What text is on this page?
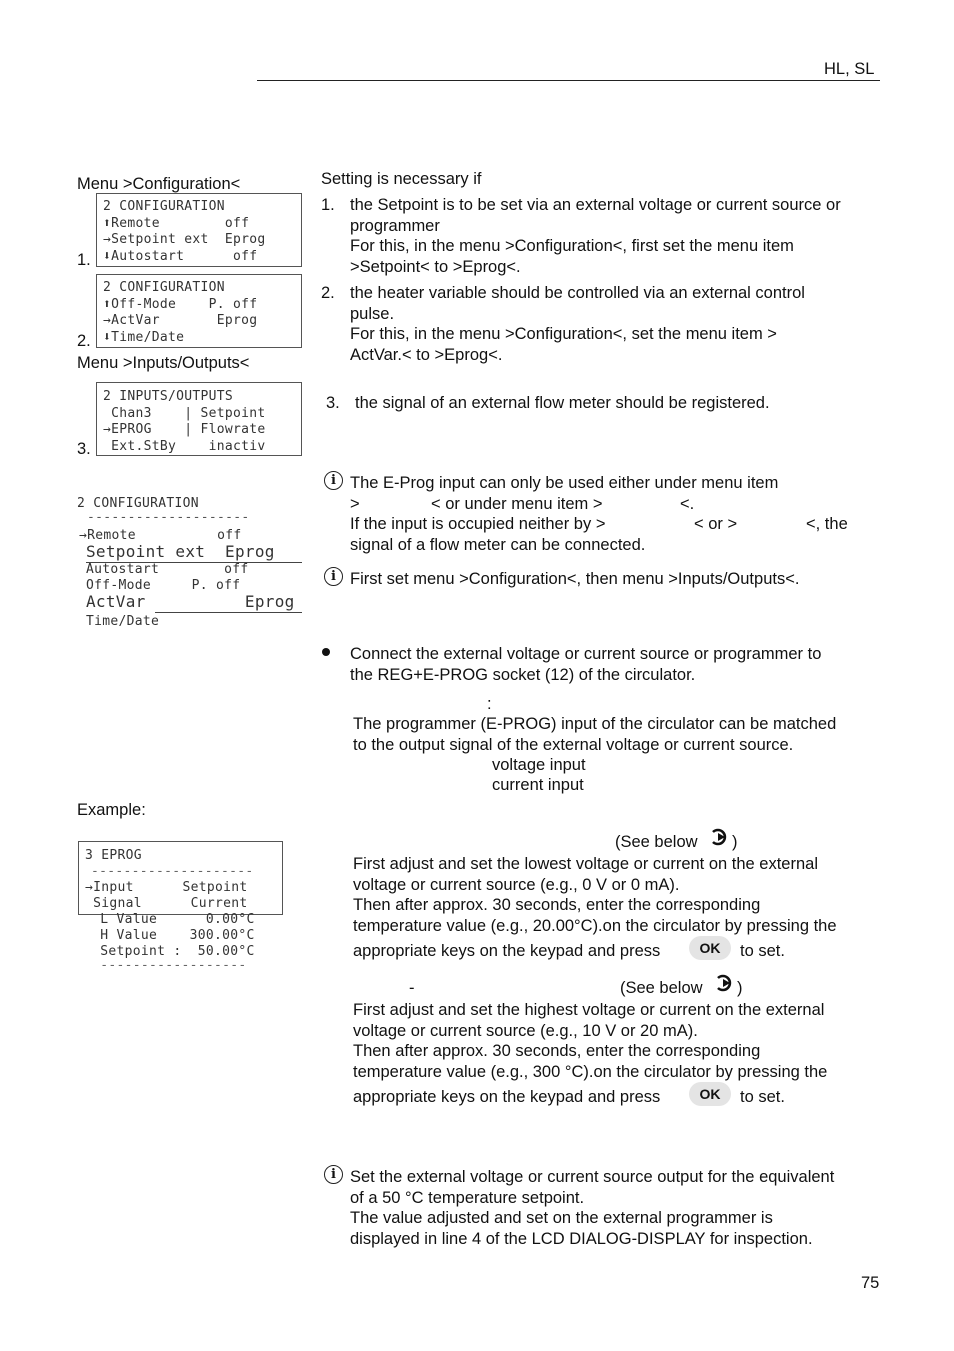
HL, SL
Menu >Configuration<
1.
2 CONFIGURATION
⬆Remote        off
→Setpoint ext  Eprog
⬇Autostart      off
2.
2 CONFIGURATION
⬆Off-Mode    P. off
→ActVar       Eprog
⬇Time/Date
Menu >Inputs/Outputs<
3.
2 INPUTS/OUTPUTS
Chan3    | Setpoint
→EPROG    | Flowrate
Ext.StBy    inactiv
2 CONFIGURATION
--------------------
→Remote          off
Setpoint ext  Eprog
Autostart        off
Off-Mode     P. off
ActVar          Eprog
Time/Date
Example:
3 EPROG
--------------------
→Input      Setpoint
Signal      Current
L Value      0.00°C
H Value    300.00°C
Setpoint :  50.00°C
------------------
Setting is necessary if
1. the Setpoint is to be set via an external voltage or current source or
programmer
For this, in the menu >Configuration<, first set the menu item
>Setpoint< to >Eprog<.
2. the heater variable should be controlled via an external control
pulse.
For this, in the menu >Configuration<, set the menu item >
ActVar.< to >Eprog<.
3. the signal of an external flow meter should be registered.
i The E-Prog input can only be used either under menu item
>	< or under menu item >	<.
If the input is occupied neither by >	< or >	<, the
signal of a flow meter can be connected.
i First set menu >Configuration<, then menu >Inputs/Outputs<.
Connect the external voltage or current source or programmer to
the REG+E-PROG socket (12) of the circulator.
:
The programmer (E-PROG) input of the circulator can be matched
to the output signal of the external voltage or current source.
voltage input
current input
(See below )
First adjust and set the lowest voltage or current on the external
voltage or current source (e.g., 0 V or 0 mA).
Then after approx. 30 seconds, enter the corresponding
temperature value (e.g., 20.00°C).on the circulator by pressing the
appropriate keys on the keypad and press	OK	to set.
-	(See below )
First adjust and set the highest voltage or current on the external
voltage or current source (e.g., 10 V or 20 mA).
Then after approx. 30 seconds, enter the corresponding
temperature value (e.g., 300 °C).on the circulator by pressing the
appropriate keys on the keypad and press	OK	to set.
i Set the external voltage or current source output for the equivalent
of a 50 °C temperature setpoint.
The value adjusted and set on the external programmer is
displayed in line 4 of the LCD DIALOG-DISPLAY for inspection.
75
